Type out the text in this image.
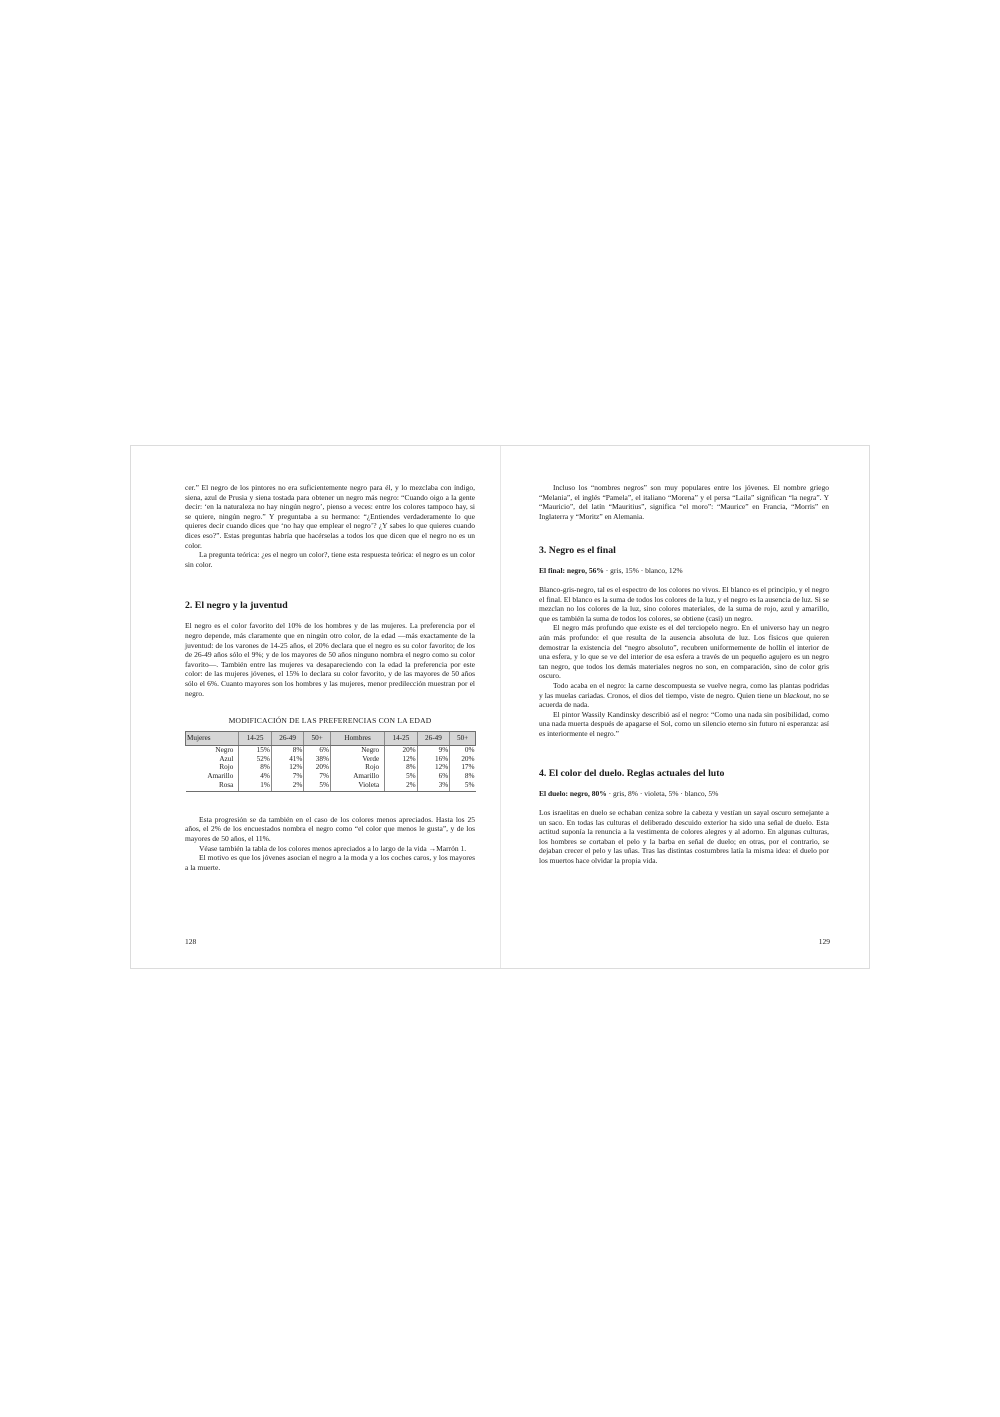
cer.” El negro de los pintores no era suficientemente negro para él, y lo mezclaba con índigo, siena, azul de Prusia y siena tostada para obtener un negro más negro: “Cuando oigo a la gente decir: ‘en la naturaleza no hay ningún negro’, pienso a veces: entre los colores tampoco hay, si se quiere, ningún negro.” Y preguntaba a su hermano: “¿Entiendes verdaderamente lo que quieres decir cuando dices que ‘no hay que emplear el negro’? ¿Y sabes lo que quieres cuando dices eso?”. Estas preguntas habría que hacérselas a todos los que dicen que el negro no es un color.

La pregunta teórica: ¿es el negro un color?, tiene esta respuesta teórica: el negro es un color sin color.

2. El negro y la juventud

El negro es el color favorito del 10% de los hombres y de las mujeres. La preferencia por el negro depende, más claramente que en ningún otro color, de la edad —más exactamente de la juventud: de los varones de 14-25 años, el 20% declara que el negro es su color favorito; de los de 26-49 años sólo el 9%; y de los mayores de 50 años ninguno nombra el negro como su color favorito—. También entre las mujeres va desapareciendo con la edad la preferencia por este color: de las mujeres jóvenes, el 15% lo declara su color favorito, y de las mayores de 50 años sólo el 6%. Cuanto mayores son los hombres y las mujeres, menor predilección muestran por el negro.

MODIFICACIÓN DE LAS PREFERENCIAS CON LA EDAD
Mujeres	14-25	26-49	50+	Hombres	14-25	26-49	50+
Negro	15%	8%	6%	Negro	20%	9%	0%
Azul	52%	41%	38%	Verde	12%	16%	20%
Rojo	8%	12%	20%	Rojo	8%	12%	17%
Amarillo	4%	7%	7%	Amarillo	5%	6%	8%
Rosa	1%	2%	5%	Violeta	2%	3%	5%

Esta progresión se da también en el caso de los colores menos apreciados. Hasta los 25 años, el 2% de los encuestados nombra el negro como “el color que menos le gusta”, y de los mayores de 50 años, el 11%.

Véase también la tabla de los colores menos apreciados a lo largo de la vida →Marrón 1.

El motivo es que los jóvenes asocian el negro a la moda y a los coches caros, y los mayores a la muerte.

128

Incluso los “nombres negros” son muy populares entre los jóvenes. El nombre griego “Melania”, el inglés “Pamela”, el italiano “Morena” y el persa “Laila” significan “la negra”. Y “Mauricio”, del latín “Mauritius”, significa “el moro”: “Maurice” en Francia, “Morris” en Inglaterra y “Moritz” en Alemania.

3. Negro es el final
El final: negro, 56% · gris, 15% · blanco, 12%

Blanco-gris-negro, tal es el espectro de los colores no vivos. El blanco es el principio, y el negro el final. El blanco es la suma de todos los colores de la luz, y el negro es la ausencia de luz. Si se mezclan no los colores de la luz, sino colores materiales, de la suma de rojo, azul y amarillo, que es también la suma de todos los colores, se obtiene (casi) un negro.

El negro más profundo que existe es el del terciopelo negro. En el universo hay un negro aún más profundo: el que resulta de la ausencia absoluta de luz. Los físicos que quieren demostrar la existencia del “negro absoluto”, recubren uniformemente de hollín el interior de una esfera, y lo que se ve del interior de esa esfera a través de un pequeño agujero es un negro tan negro, que todos los demás materiales negros no son, en comparación, sino de color gris oscuro.

Todo acaba en el negro: la carne descompuesta se vuelve negra, como las plantas podridas y las muelas cariadas. Cronos, el dios del tiempo, viste de negro. Quien tiene un blackout, no se acuerda de nada.

El pintor Wassily Kandinsky describió así el negro: “Como una nada sin posibilidad, como una nada muerta después de apagarse el Sol, como un silencio eterno sin futuro ni esperanza: así es interiormente el negro.”

4. El color del duelo. Reglas actuales del luto
El duelo: negro, 80% · gris, 8% · violeta, 5% · blanco, 5%

Los israelitas en duelo se echaban ceniza sobre la cabeza y vestían un sayal oscuro semejante a un saco. En todas las culturas el deliberado descuido exterior ha sido una señal de duelo. Esta actitud suponía la renuncia a la vestimenta de colores alegres y al adorno. En algunas culturas, los hombres se cortaban el pelo y la barba en señal de duelo; en otras, por el contrario, se dejaban crecer el pelo y las uñas. Tras las distintas costumbres latía la misma idea: el duelo por los muertos hace olvidar la propia vida.

129
